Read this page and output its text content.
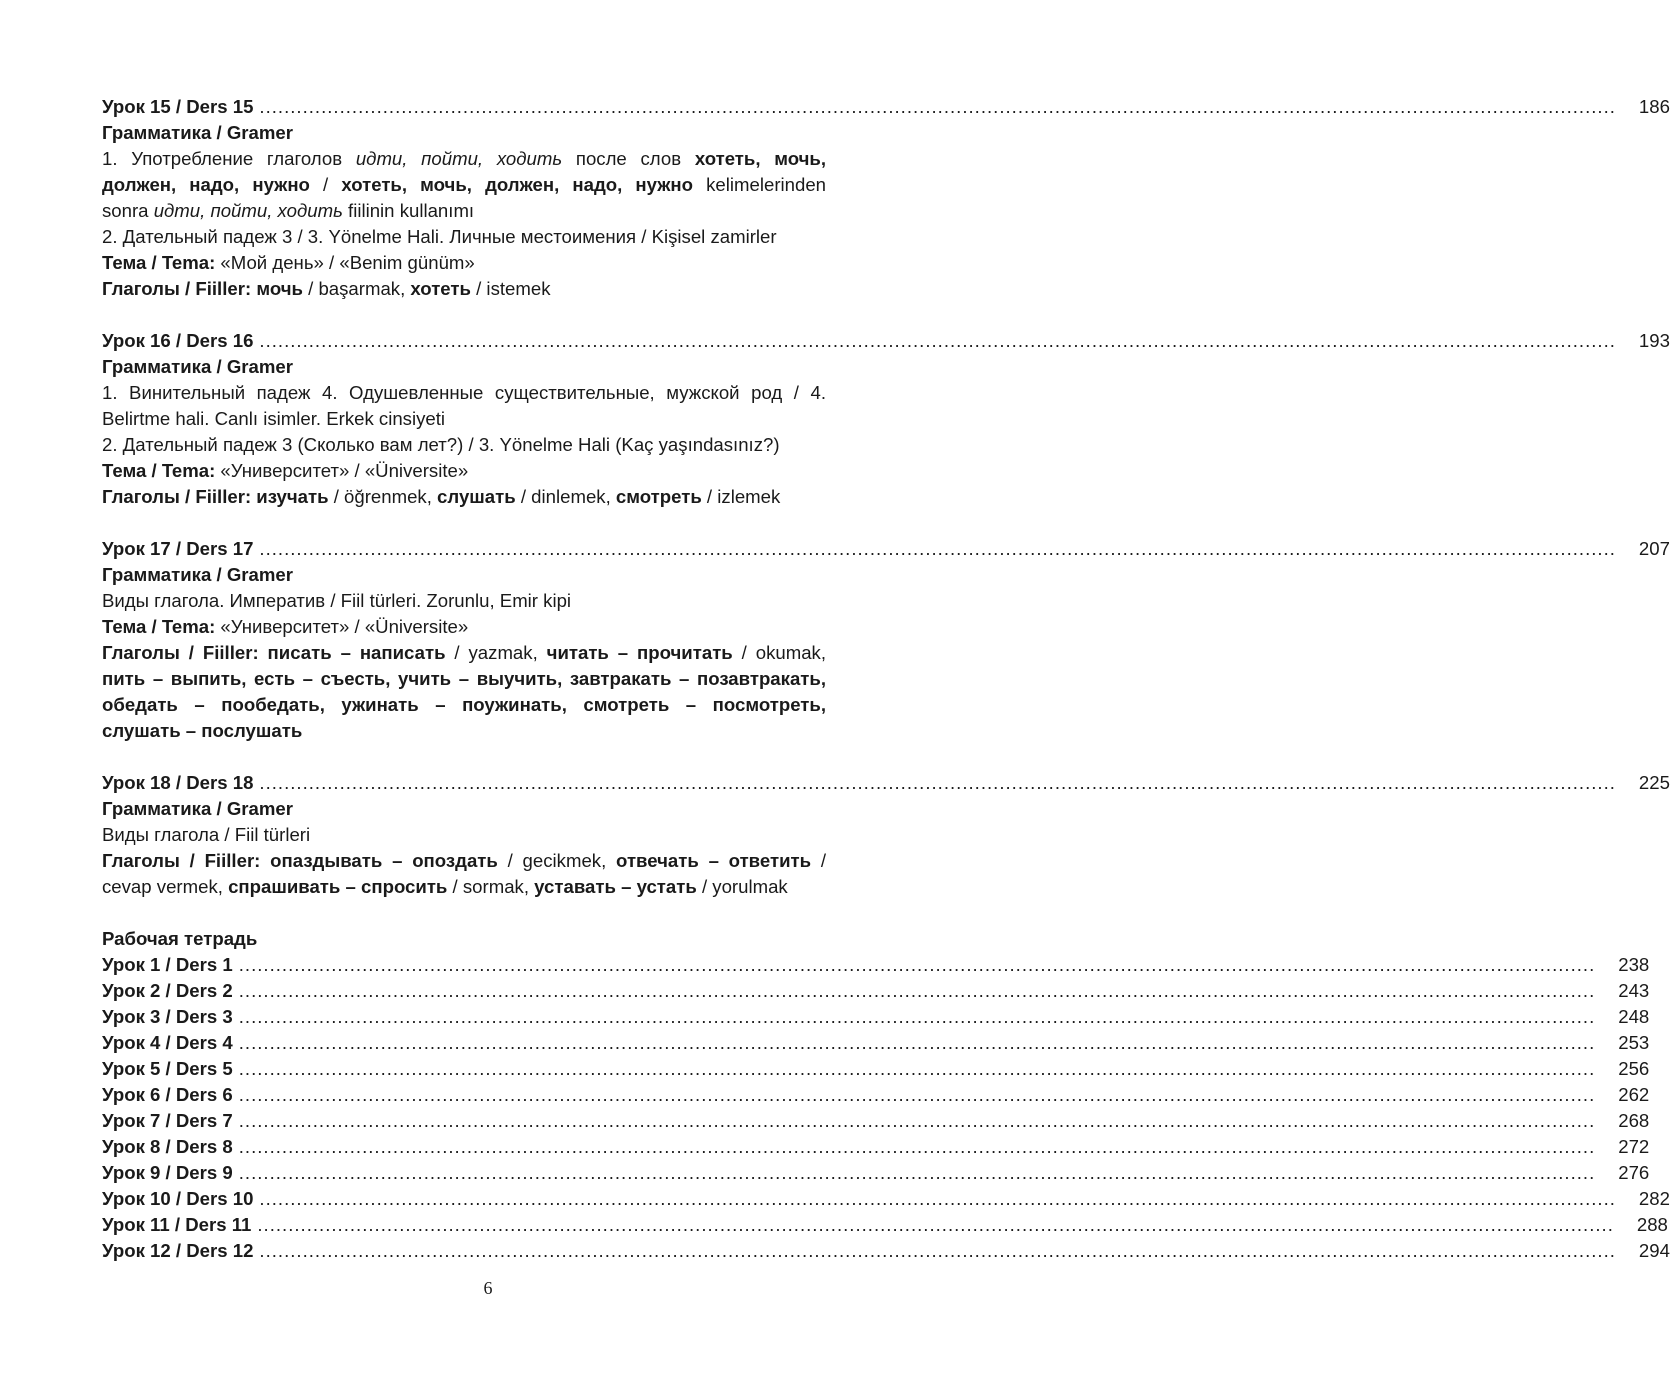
Урок 15 / Ders 15 ............................................................................................................................................................................................................................	186
Грамматика / Gramer
1. Употребление глаголов идти, пойти, ходить после слов хотеть, мочь,
должен, надо, нужно / хотеть, мочь, должен, надо, нужно kelimelerinden
sonra идти, пойти, ходить fiilinin kullanımı
2. Дательный падеж 3 / 3. Yönelme Hali. Личные местоимения / Kişisel zamirler
Тема / Tema: «Мой день» / «Benim günüm»
Глаголы / Fiiller: мочь / başarmak, хотеть / istemek
Урок 16 / Ders 16 ............................................................................................................................................................................................................................	193
Грамматика / Gramer
1. Винительный падеж 4. Одушевленные существительные, мужской род / 4.
Belirtme hali. Canlı isimler. Erkek cinsiyeti
2. Дательный падеж 3 (Сколько вам лет?) / 3. Yönelme Hali (Kaç yaşındasınız?)
Тема / Tema: «Университет» / «Üniversite»
Глаголы / Fiiller: изучать / öğrenmek, слушать / dinlemek, смотреть / izlemek
Урок 17 / Ders 17 ............................................................................................................................................................................................................................	207
Грамматика / Gramer
Виды глагола. Императив / Fiil türleri. Zorunlu, Emir kipi
Тема / Tema: «Университет» / «Üniversite»
Глаголы / Fiiller: писать – написать / yazmak, читать – прочитать / okumak,
пить – выпить, есть – съесть, учить – выучить, завтракать – позавтракать,
обедать – пообедать, ужинать – поужинать, смотреть – посмотреть,
слушать – послушать
Урок 18 / Ders 18 ............................................................................................................................................................................................................................	225
Грамматика / Gramer
Виды глагола / Fiil türleri
Глаголы / Fiiller: опаздывать – опоздать / gecikmek, отвечать – ответить /
cevap vermek, спрашивать – спросить / sormak, уставать – устать / yorulmak
Рабочая тетрадь
Урок 1 / Ders 1 ............................................................................................................................................................................................................................	238
Урок 2 / Ders 2 ............................................................................................................................................................................................................................	243
Урок 3 / Ders 3 ............................................................................................................................................................................................................................	248
Урок 4 / Ders 4 ............................................................................................................................................................................................................................	253
Урок 5 / Ders 5 ............................................................................................................................................................................................................................	256
Урок 6 / Ders 6 ............................................................................................................................................................................................................................	262
Урок 7 / Ders 7 ............................................................................................................................................................................................................................	268
Урок 8 / Ders 8 ............................................................................................................................................................................................................................	272
Урок 9 / Ders 9 ............................................................................................................................................................................................................................	276
Урок 10 / Ders 10 ............................................................................................................................................................................................................................	282
Урок 11 / Ders 11 ............................................................................................................................................................................................................................	288
Урок 12 / Ders 12 ............................................................................................................................................................................................................................	294
6
